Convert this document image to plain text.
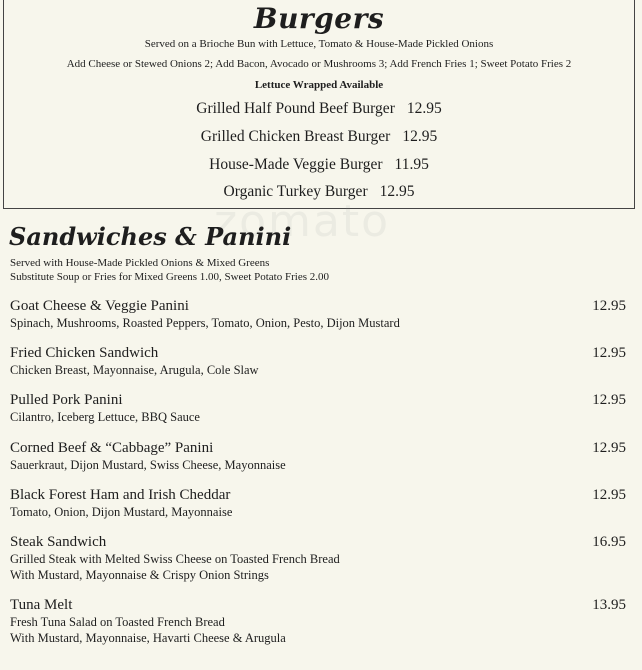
Burgers
Served on a Brioche Bun with Lettuce, Tomato & House-Made Pickled Onions
Add Cheese or Stewed Onions 2; Add Bacon, Avocado or Mushrooms 3; Add French Fries 1; Sweet Potato Fries 2
Lettuce Wrapped Available
Grilled Half Pound Beef Burger 12.95
Grilled Chicken Breast Burger 12.95
House-Made Veggie Burger 11.95
Organic Turkey Burger 12.95
zomato
Sandwiches & Panini
Served with House-Made Pickled Onions & Mixed Greens
Substitute Soup or Fries for Mixed Greens 1.00, Sweet Potato Fries 2.00
Goat Cheese & Veggie Panini
Spinach, Mushrooms, Roasted Peppers, Tomato, Onion, Pesto, Dijon Mustard
12.95
Fried Chicken Sandwich
Chicken Breast, Mayonnaise, Arugula, Cole Slaw
12.95
Pulled Pork Panini
Cilantro, Iceberg Lettuce, BBQ Sauce
12.95
Corned Beef & “Cabbage” Panini
Sauerkraut, Dijon Mustard, Swiss Cheese, Mayonnaise
12.95
Black Forest Ham and Irish Cheddar
Tomato, Onion, Dijon Mustard, Mayonnaise
12.95
Steak Sandwich
Grilled Steak with Melted Swiss Cheese on Toasted French Bread
With Mustard, Mayonnaise & Crispy Onion Strings
16.95
Tuna Melt
Fresh Tuna Salad on Toasted French Bread
With Mustard, Mayonnaise, Havarti Cheese & Arugula
13.95
